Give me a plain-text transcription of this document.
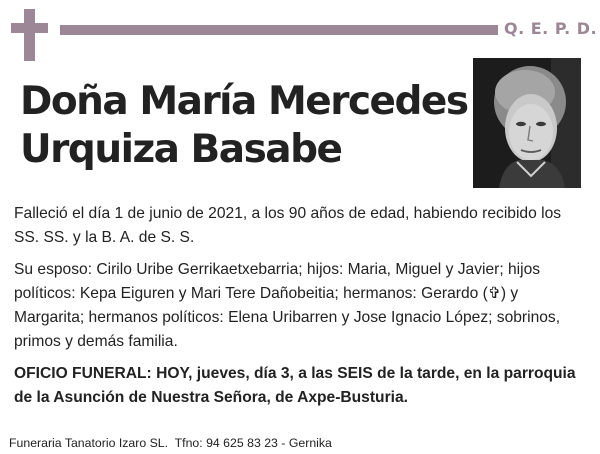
Q. E. P. D.
Doña María Mercedes
Urquiza Basabe

Falleció el día 1 de junio de 2021, a los 90 años de edad, habiendo recibido los SS. SS. y la B. A. de S. S.

Su esposo: Cirilo Uribe Gerrikaetxebarria; hijos: Maria, Miguel y Javier; hijos políticos: Kepa Eiguren y Mari Tere Dañobeitia; hermanos: Gerardo (✞) y Margarita; hermanos políticos: Elena Uribarren y Jose Ignacio López; sobrinos, primos y demás familia.

OFICIO FUNERAL: HOY, jueves, día 3, a las SEIS de la tarde, en la parroquia de la Asunción de Nuestra Señora, de Axpe-Busturia.

Funeraria Tanatorio Izaro SL.  Tfno: 94 625 83 23 - Gernika
